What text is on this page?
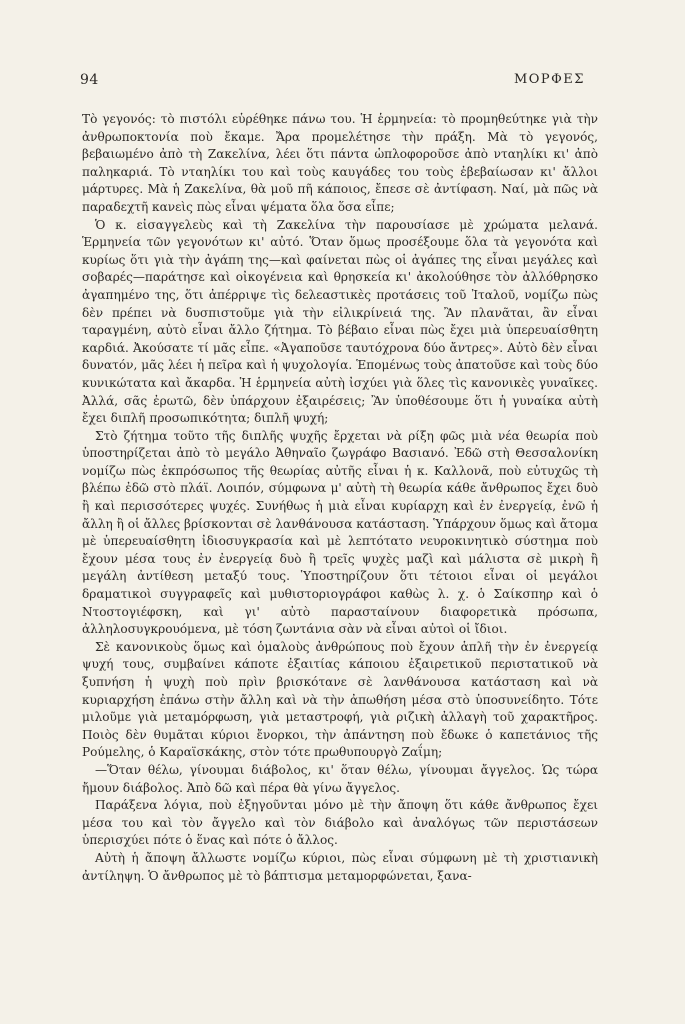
94	ΜΟΡΦΕΣ

Τὸ γεγονός: τὸ πιστόλι εὑρέθηκε πάνω του. Ἡ ἑρμηνεία: τὸ προμηθεύτηκε γιὰ τὴν ἀνθρωποκτονία ποὺ ἔκαμε. Ἄρα προμελέτησε τὴν πράξη. Μὰ τὸ γεγονός, βεβαιωμένο ἀπὸ τὴ Ζακελίνα, λέει ὅτι πάντα ὡπλοφοροῦσε ἀπὸ νταηλίκι κι' ἀπὸ παληκαριά. Τὸ νταηλίκι του καὶ τοὺς καυγάδες του τοὺς ἐβεβαίωσαν κι' ἄλλοι μάρτυρες. Μὰ ἡ Ζακελίνα, θὰ μοῦ πῆ κάποιος, ἔπεσε σὲ ἀντίφαση. Ναί, μὰ πῶς νὰ παραδεχτῆ κανεὶς πὼς εἶναι ψέματα ὅλα ὅσα εἶπε;

Ὁ κ. εἰσαγγελεὺς καὶ τὴ Ζακελίνα τὴν παρουσίασε μὲ χρώματα μελανά. Ἑρμηνεία τῶν γεγονότων κι' αὐτό. Ὅταν ὅμως προσέξουμε ὅλα τὰ γεγονότα καὶ κυρίως ὅτι γιὰ τὴν ἀγάπη της—καὶ φαίνεται πὼς οἱ ἀγάπες της εἶναι μεγάλες καὶ σοβαρές—παράτησε καὶ οἰκογένεια καὶ θρησκεία κι' ἀκολούθησε τὸν ἀλλόθρησκο ἀγαπημένο της, ὅτι ἀπέρριψε τὶς δελεαστικὲς προτάσεις τοῦ Ἰταλοῦ, νομίζω πὼς δὲν πρέπει νὰ δυσπιστοῦμε γιὰ τὴν εἰλικρίνειά της. Ἂν πλανᾶται, ἂν εἶναι ταραγμένη, αὐτὸ εἶναι ἄλλο ζήτημα. Τὸ βέβαιο εἶναι πὼς ἔχει μιὰ ὑπερευαίσθητη καρδιά. Ἀκούσατε τί μᾶς εἶπε. «Ἀγαποῦσε ταυτόχρονα δύο ἄντρες». Αὐτὸ δὲν εἶναι δυνατόν, μᾶς λέει ἡ πεῖρα καὶ ἡ ψυχολογία. Ἑπομένως τοὺς ἀπατοῦσε καὶ τοὺς δύο κυνικώτατα καὶ ἄκαρδα. Ἡ ἑρμηνεία αὐτὴ ἰσχύει γιὰ ὅλες τὶς κανονικὲς γυναῖκες. Ἀλλά, σᾶς ἐρωτῶ, δὲν ὑπάρχουν ἐξαιρέσεις; Ἂν ὑποθέσουμε ὅτι ἡ γυναίκα αὐτὴ ἔχει διπλῆ προσωπικότητα; διπλῆ ψυχή;

Στὸ ζήτημα τοῦτο τῆς διπλῆς ψυχῆς ἔρχεται νὰ ρίξη φῶς μιὰ νέα θεωρία ποὺ ὑποστηρίζεται ἀπὸ τὸ μεγάλο Ἀθηναῖο ζωγράφο Βασιανό. Ἐδῶ στὴ Θεσσαλονίκη νομίζω πὼς ἐκπρόσωπος τῆς θεωρίας αὐτῆς εἶναι ἡ κ. Καλλονᾶ, ποὺ εὐτυχῶς τὴ βλέπω ἐδῶ στὸ πλάϊ. Λοιπόν, σύμφωνα μ' αὐτὴ τὴ θεωρία κάθε ἄνθρωπος ἔχει δυὸ ἢ καὶ περισσότερες ψυχές. Συνήθως ἡ μιὰ εἶναι κυρίαρχη καὶ ἐν ἐνεργείᾳ, ἐνῶ ἡ ἄλλη ἢ οἱ ἄλλες βρίσκονται σὲ λανθάνουσα κατάσταση. Ὑπάρχουν ὅμως καὶ ἄτομα μὲ ὑπερευαίσθητη ἰδιοσυγκρασία καὶ μὲ λεπτότατο νευροκινητικὸ σύστημα ποὺ ἔχουν μέσα τους ἐν ἐνεργείᾳ δυὸ ἢ τρεῖς ψυχὲς μαζὶ καὶ μάλιστα σὲ μικρὴ ἢ μεγάλη ἀντίθεση μεταξύ τους. Ὑποστηρίζουν ὅτι τέτοιοι εἶναι οἱ μεγάλοι δραματικοὶ συγγραφεῖς καὶ μυθιστοριογράφοι καθὼς λ. χ. ὁ Σαίκσπηρ καὶ ὁ Ντοστογιέφσκη, καὶ γι' αὐτὸ παρασταίνουν διαφορετικὰ πρόσωπα, ἀλληλοσυγκρουόμενα, μὲ τόση ζωντάνια σὰν νὰ εἶναι αὐτοὶ οἱ ἴδιοι.

Σὲ κανονικοὺς ὅμως καὶ ὁμαλοὺς ἀνθρώπους ποὺ ἔχουν ἁπλῆ τὴν ἐν ἐνεργείᾳ ψυχή τους, συμβαίνει κάποτε ἐξαιτίας κάποιου ἐξαιρετικοῦ περιστατικοῦ νὰ ξυπνήση ἡ ψυχὴ ποὺ πρὶν βρισκότανε σὲ λανθάνουσα κατάσταση καὶ νὰ κυριαρχήση ἐπάνω στὴν ἄλλη καὶ νὰ τὴν ἀπωθήση μέσα στὸ ὑποσυνείδητο. Τότε μιλοῦμε γιὰ μεταμόρφωση, γιὰ μεταστροφή, γιὰ ριζικὴ ἀλλαγὴ τοῦ χαρακτῆρος. Ποιὸς δὲν θυμᾶται κύριοι ἔνορκοι, τὴν ἀπάντηση ποὺ ἔδωκε ὁ καπετάνιος τῆς Ρούμελης, ὁ Καραϊσκάκης, στὸν τότε πρωθυπουργὸ Ζαΐμη;

—Ὅταν θέλω, γίνουμαι διάβολος, κι' ὅταν θέλω, γίνουμαι ἄγγελος. Ὡς τώρα ἤμουν διάβολος. Ἀπὸ δῶ καὶ πέρα θὰ γίνω ἄγγελος.

Παράξενα λόγια, ποὺ ἐξηγοῦνται μόνο μὲ τὴν ἄποψη ὅτι κάθε ἄνθρωπος ἔχει μέσα του καὶ τὸν ἄγγελο καὶ τὸν διάβολο καὶ ἀναλόγως τῶν περιστάσεων ὑπερισχύει πότε ὁ ἕνας καὶ πότε ὁ ἄλλος.

Αὐτὴ ἡ ἄποψη ἄλλωστε νομίζω κύριοι, πὼς εἶναι σύμφωνη μὲ τὴ χριστιανικὴ ἀντίληψη. Ὁ ἄνθρωπος μὲ τὸ βάπτισμα μεταμορφώνεται, ξανα-
